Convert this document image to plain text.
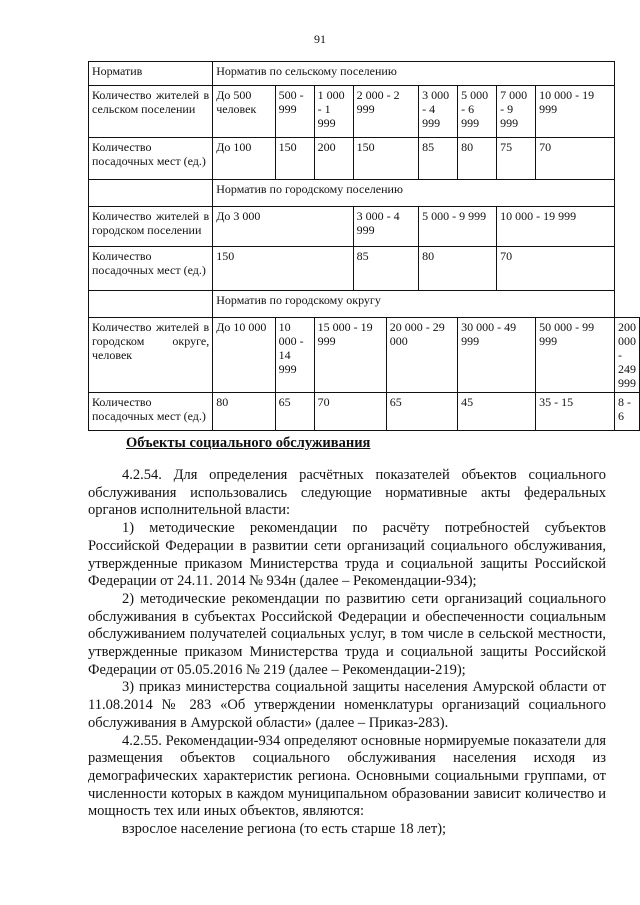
91
Норматив	Норматив по сельскому поселению									
Количество жителей в сельском поселении	До 500 человек	500 - 999	1 000 - 1 999	2 000 - 2 999		3 000 - 4 999	5 000 - 6 999	7 000 - 9 999	10 000 - 19 999	
Количество посадочных мест (ед.)	До 100	150	200	150		85	80	75	70	
	Норматив по городскому поселению									
Количество жителей в городском поселении	До 3 000			3 000 - 4 999		5 000 - 9 999		10 000 - 19 999		
Количество посадочных мест (ед.)	150			85		80		70		
	Норматив по городскому округу									
Количество жителей в городском округе, человек	До 10 000	10 000 - 14 999	15 000 - 19 999		20 000 - 29 000		30 000 - 49 999		50 000 - 99 999	200 000 - 249 999
Количество посадочных мест (ед.)	80	65	70		65		45		35 - 15	8 - 6
Объекты социального обслуживания

4.2.54. Для определения расчётных показателей объектов социального обслуживания использовались следующие нормативные акты федеральных органов исполнительной власти:

1) методические рекомендации по расчёту потребностей субъектов Российской Федерации в развитии сети организаций социального обслуживания, утвержденные приказом Министерства труда и социальной защиты Российской Федерации от 24.11. 2014 № 934н (далее – Рекомендации-934);

2) методические рекомендации по развитию сети организаций социального обслуживания в субъектах Российской Федерации и обеспеченности социальным обслуживанием получателей социальных услуг, в том числе в сельской местности, утвержденные приказом Министерства труда и социальной защиты Российской Федерации от 05.05.2016 № 219 (далее – Рекомендации-219);

3) приказ министерства социальной защиты населения Амурской области от 11.08.2014 № 283 «Об утверждении номенклатуры организаций социального обслуживания в Амурской области» (далее – Приказ-283).

4.2.55. Рекомендации-934 определяют основные нормируемые показатели для размещения объектов социального обслуживания населения исходя из демографических характеристик региона. Основными социальными группами, от численности которых в каждом муниципальном образовании зависит количество и мощность тех или иных объектов, являются:

взрослое население региона (то есть старше 18 лет);
